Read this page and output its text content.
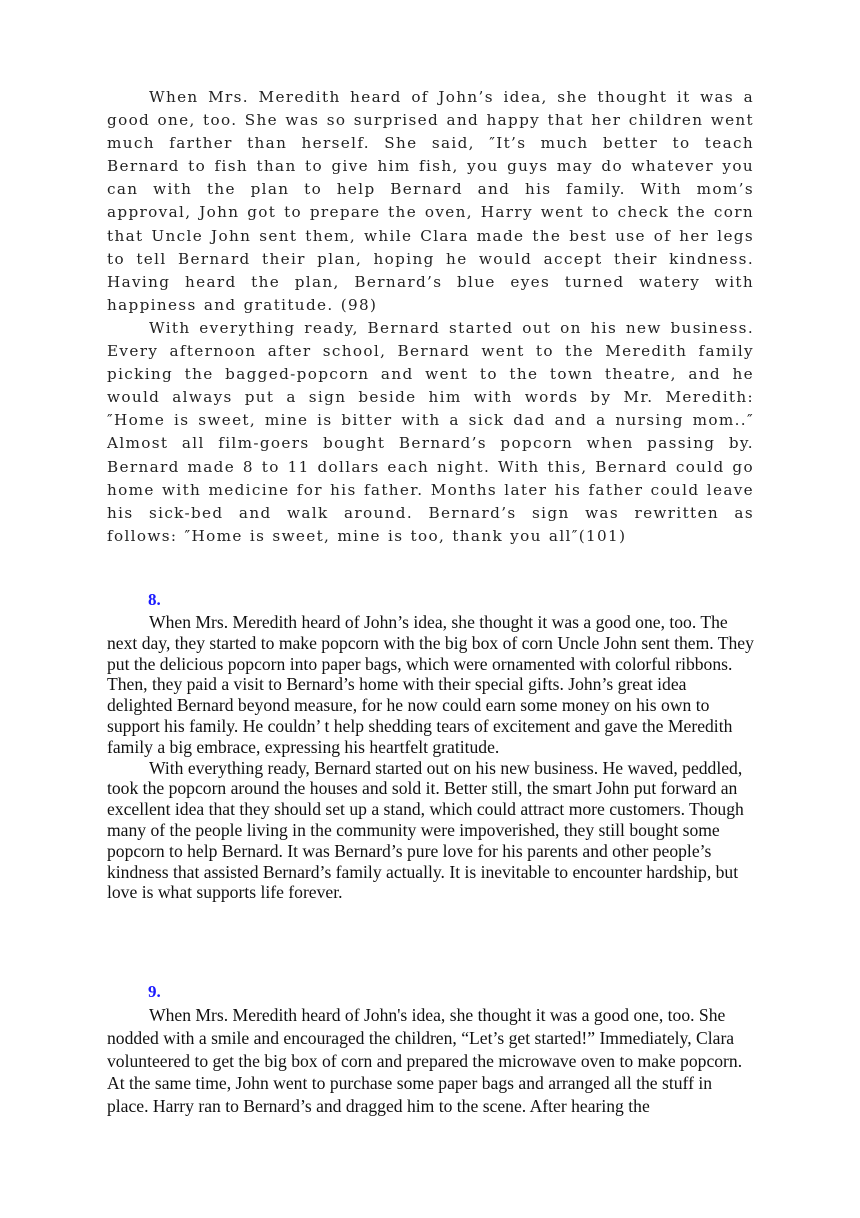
When Mrs. Meredith heard of John’s idea, she thought it was a good one, too. She was so surprised and happy that her children went much farther than herself. She said, ″It’s much better to teach Bernard to fish than to give him fish, you guys may do whatever you can with the plan to help Bernard and his family. With mom’s approval, John got to prepare the oven, Harry went to check the corn that Uncle John sent them, while Clara made the best use of her legs to tell Bernard their plan, hoping he would accept their kindness. Having heard the plan, Bernard’s blue eyes turned watery with happiness and gratitude. (98)

With everything ready, Bernard started out on his new business. Every afternoon after school, Bernard went to the Meredith family picking the bagged-popcorn and went to the town theatre, and he would always put a sign beside him with words by Mr. Meredith: ″Home is sweet, mine is bitter with a sick dad and a nursing mom..″ Almost all film-goers bought Bernard’s popcorn when passing by. Bernard made 8 to 11 dollars each night. With this, Bernard could go home with medicine for his father. Months later his father could leave his sick-bed and walk around. Bernard’s sign was rewritten as follows: ″Home is sweet, mine is too, thank you all″(101)

8.

When Mrs. Meredith heard of John’s idea, she thought it was a good one, too. The next day, they started to make popcorn with the big box of corn Uncle John sent them. They put the delicious popcorn into paper bags, which were ornamented with colorful ribbons. Then, they paid a visit to Bernard’s home with their special gifts. John’s great idea delighted Bernard beyond measure, for he now could earn some money on his own to support his family. He couldn’ t help shedding tears of excitement and gave the Meredith family a big embrace, expressing his heartfelt gratitude.

With everything ready, Bernard started out on his new business. He waved, peddled, took the popcorn around the houses and sold it. Better still, the smart John put forward an excellent idea that they should set up a stand, which could attract more customers. Though many of the people living in the community were impoverished, they still bought some popcorn to help Bernard. It was Bernard’s pure love for his parents and other people’s kindness that assisted Bernard’s family actually. It is inevitable to encounter hardship, but love is what supports life forever.

9.

When Mrs. Meredith heard of John's idea, she thought it was a good one, too. She nodded with a smile and encouraged the children, “Let’s get started!” Immediately, Clara volunteered to get the big box of corn and prepared the microwave oven to make popcorn. At the same time, John went to purchase some paper bags and arranged all the stuff in place. Harry ran to Bernard’s and dragged him to the scene. After hearing the
